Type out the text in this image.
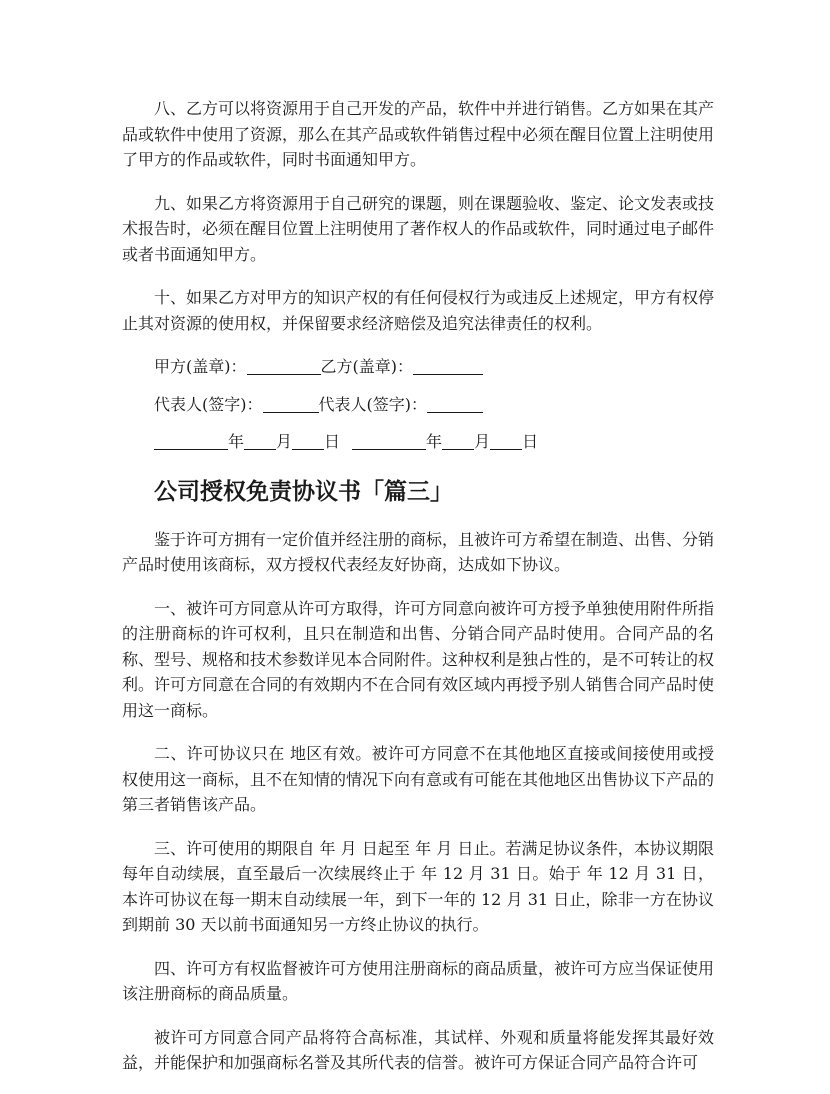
八、乙方可以将资源用于自己开发的产品，软件中并进行销售。乙方如果在其产品或软件中使用了资源，那么在其产品或软件销售过程中必须在醒目位置上注明使用了甲方的作品或软件，同时书面通知甲方。

九、如果乙方将资源用于自己研究的课题，则在课题验收、鉴定、论文发表或技术报告时，必须在醒目位置上注明使用了著作权人的作品或软件，同时通过电子邮件或者书面通知甲方。

十、如果乙方对甲方的知识产权的有任何侵权行为或违反上述规定，甲方有权停止其对资源的使用权，并保留要求经济赔偿及追究法律责任的权利。

甲方(盖章)：	乙方(盖章)：
代表人(签字)：	代表人(签字)：
年 月 日	年 月 日
公司授权免责协议书「篇三」

鉴于许可方拥有一定价值并经注册的商标，且被许可方希望在制造、出售、分销产品时使用该商标，双方授权代表经友好协商，达成如下协议。

一、被许可方同意从许可方取得，许可方同意向被许可方授予单独使用附件所指的注册商标的许可权利，且只在制造和出售、分销合同产品时使用。合同产品的名称、型号、规格和技术参数详见本合同附件。这种权利是独占性的，是不可转让的权利。许可方同意在合同的有效期内不在合同有效区域内再授予别人销售合同产品时使用这一商标。

二、许可协议只在 地区有效。被许可方同意不在其他地区直接或间接使用或授权使用这一商标，且不在知情的情况下向有意或有可能在其他地区出售协议下产品的第三者销售该产品。

三、许可使用的期限自 年 月 日起至 年 月 日止。若满足协议条件，本协议期限每年自动续展，直至最后一次续展终止于 年 12 月 31 日。始于 年 12 月 31 日，本许可协议在每一期末自动续展一年，到下一年的 12 月 31 日止，除非一方在协议到期前 30 天以前书面通知另一方终止协议的执行。

四、许可方有权监督被许可方使用注册商标的商品质量，被许可方应当保证使用该注册商标的商品质量。

被许可方同意合同产品将符合高标准，其试样、外观和质量将能发挥其最好效益，并能保护和加强商标名誉及其所代表的信誉。被许可方保证合同产品符合许可
